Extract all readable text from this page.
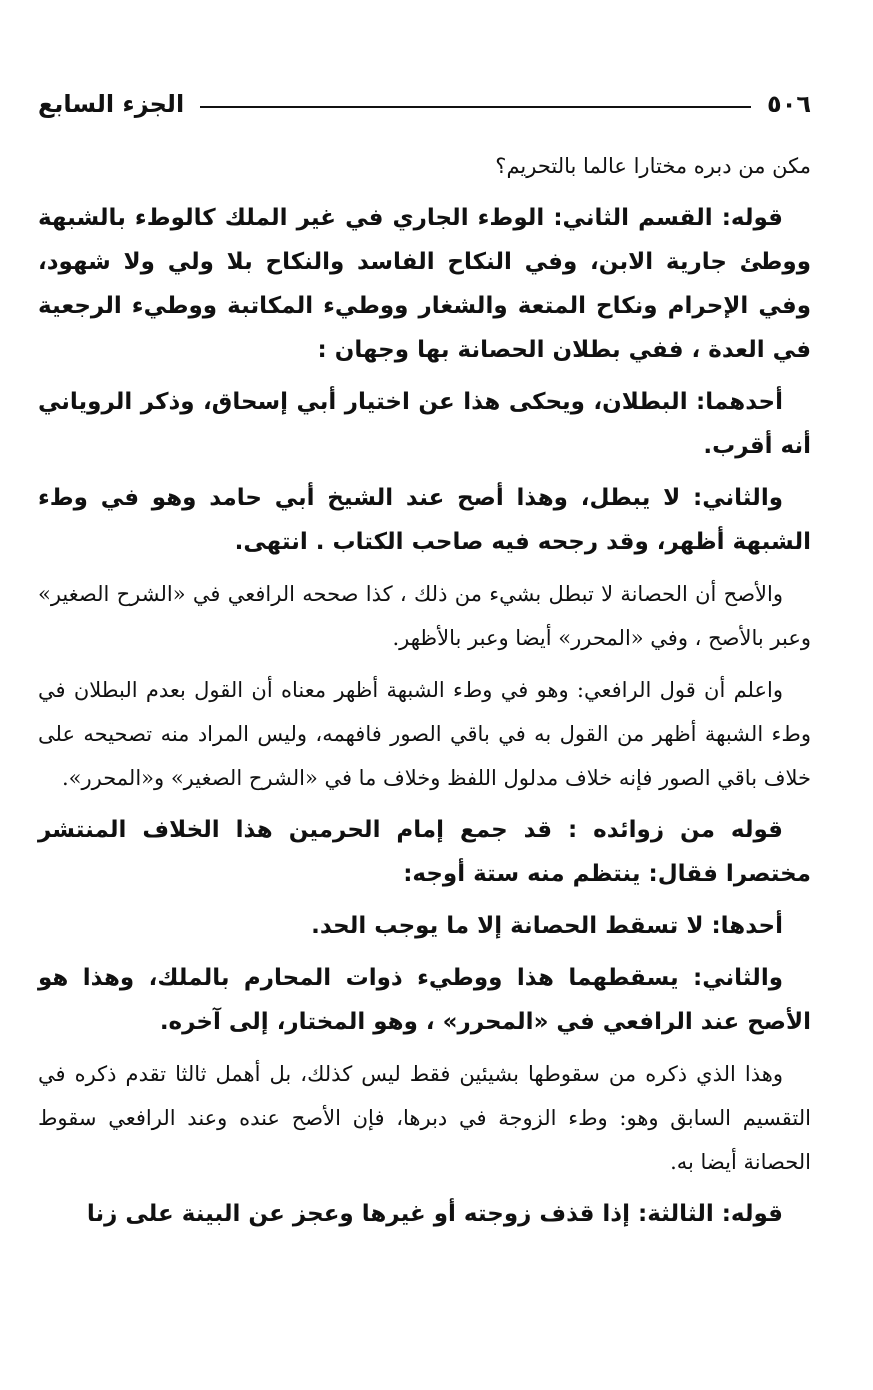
٥٠٦
الجزء السابع

مكن من دبره مختارا عالما بالتحريم؟

قوله: القسم الثاني: الوطء الجاري في غير الملك كالوطء بالشبهة ووطئ جارية الابن، وفي النكاح الفاسد والنكاح بلا ولي ولا شهود، وفي الإحرام ونكاح المتعة والشغار ووطيء المكاتبة ووطيء الرجعية في العدة ، ففي بطلان الحصانة بها وجهان :

أحدهما: البطلان، ويحكى هذا عن اختيار أبي إسحاق، وذكر الروياني أنه أقرب.

والثاني: لا يبطل، وهذا أصح عند الشيخ أبي حامد وهو في وطء الشبهة أظهر، وقد رجحه فيه صاحب الكتاب . انتهى.

والأصح أن الحصانة لا تبطل بشيء من ذلك ، كذا صححه الرافعي في «الشرح الصغير» وعبر بالأصح ، وفي «المحرر» أيضا وعبر بالأظهر.

واعلم أن قول الرافعي: وهو في وطء الشبهة أظهر معناه أن القول بعدم البطلان في وطء الشبهة أظهر من القول به في باقي الصور فافهمه، وليس المراد منه تصحيحه على خلاف باقي الصور فإنه خلاف مدلول اللفظ وخلاف ما في «الشرح الصغير» و«المحرر».

قوله من زوائده : قد جمع إمام الحرمين هذا الخلاف المنتشر مختصرا فقال: ينتظم منه ستة أوجه:

أحدها: لا تسقط الحصانة إلا ما يوجب الحد.

والثاني: يسقطهما هذا ووطيء ذوات المحارم بالملك، وهذا هو الأصح عند الرافعي في «المحرر» ، وهو المختار، إلى آخره.

وهذا الذي ذكره من سقوطها بشيئين فقط ليس كذلك، بل أهمل ثالثا تقدم ذكره في التقسيم السابق وهو: وطء الزوجة في دبرها، فإن الأصح عنده وعند الرافعي سقوط الحصانة أيضا به.

قوله: الثالثة: إذا قذف زوجته أو غيرها وعجز عن البينة على زنا
